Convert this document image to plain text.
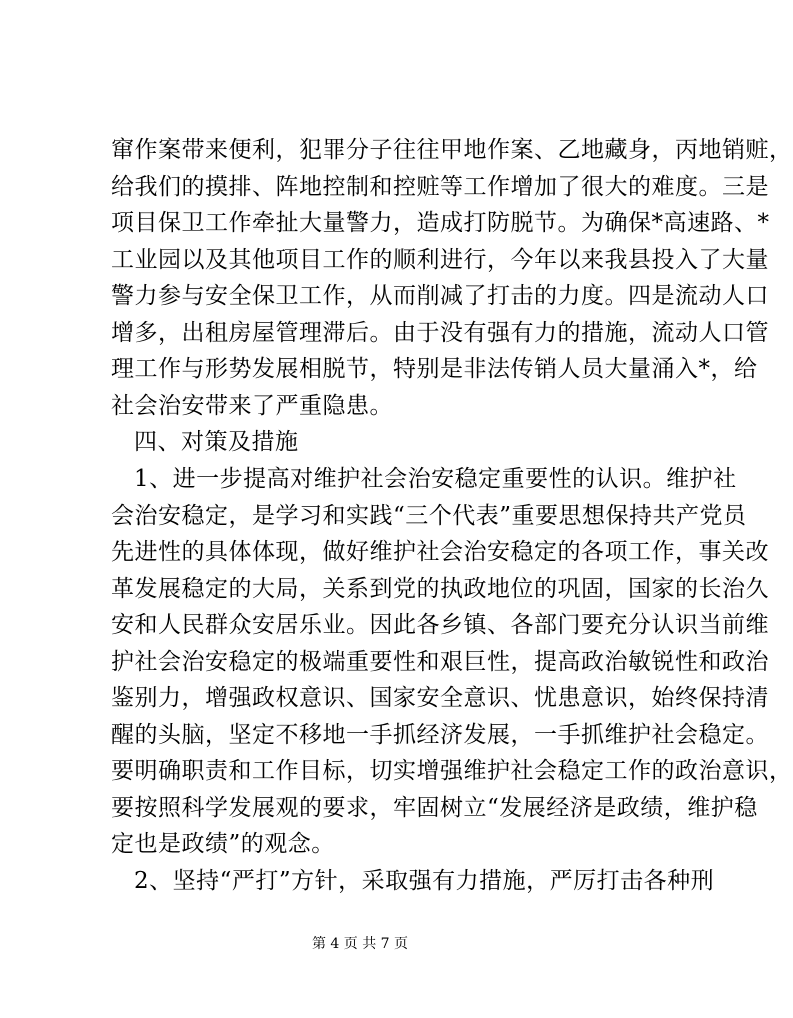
窜作案带来便利，犯罪分子往往甲地作案、乙地藏身，丙地销赃，
给我们的摸排、阵地控制和控赃等工作增加了很大的难度。三是
项目保卫工作牵扯大量警力，造成打防脱节。为确保*高速路、*
工业园以及其他项目工作的顺利进行，今年以来我县投入了大量
警力参与安全保卫工作，从而削减了打击的力度。四是流动人口
增多，出租房屋管理滞后。由于没有强有力的措施，流动人口管
理工作与形势发展相脱节，特别是非法传销人员大量涌入*，给
社会治安带来了严重隐患。
四、对策及措施
1、进一步提高对维护社会治安稳定重要性的认识。维护社
会治安稳定，是学习和实践“三个代表”重要思想保持共产党员
先进性的具体体现，做好维护社会治安稳定的各项工作，事关改
革发展稳定的大局，关系到党的执政地位的巩固，国家的长治久
安和人民群众安居乐业。因此各乡镇、各部门要充分认识当前维
护社会治安稳定的极端重要性和艰巨性，提高政治敏锐性和政治
鉴别力，增强政权意识、国家安全意识、忧患意识，始终保持清
醒的头脑，坚定不移地一手抓经济发展，一手抓维护社会稳定。
要明确职责和工作目标，切实增强维护社会稳定工作的政治意识，
要按照科学发展观的要求，牢固树立“发展经济是政绩，维护稳
定也是政绩”的观念。
2、坚持“严打”方针，采取强有力措施，严厉打击各种刑
第 4 页 共 7 页
